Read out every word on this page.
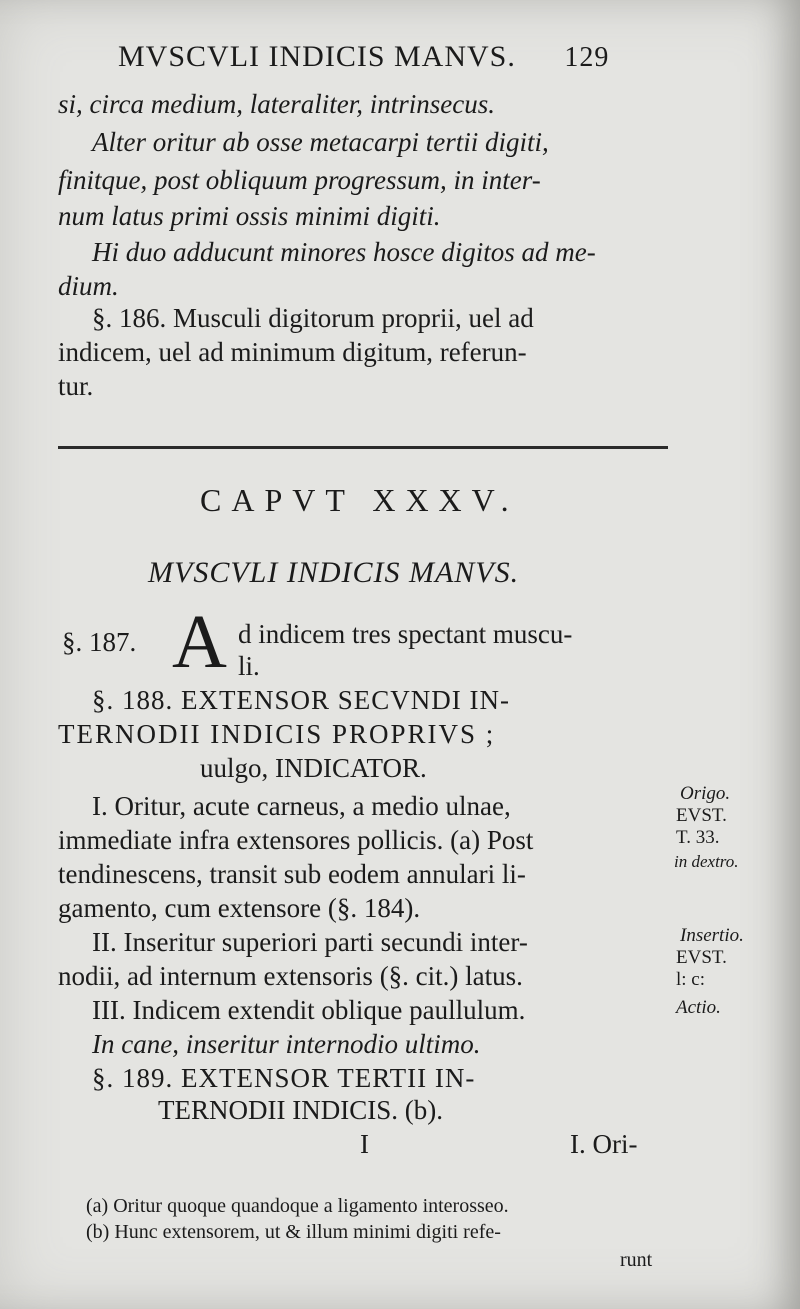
MVSCVLI INDICIS MANVS. 129
si, circa medium, lateraliter, intrinsecus.
Alter oritur ab osse metacarpi tertii digiti,
finitque, post obliquum progressum, in inter-
num latus primi ossis minimi digiti.
Hi duo adducunt minores hosce digitos ad me-
dium.
§. 186. Musculi digitorum proprii, uel ad
indicem, uel ad minimum digitum, referun-
tur.
CAPVT XXXV.
MVSCVLI INDICIS MANVS.
§. 187. A d indicem tres spectant muscu-
li.
§. 188. EXTENSOR SECVNDI IN-
TERNODII INDICIS PROPRIVS ;
uulgo, INDICATOR.
I. Oritur, acute carneus, a medio ulnae,
immediate infra extensores pollicis. (a) Post
tendinescens, transit sub eodem annulari li-
gamento, cum extensore (§. 184).
II. Inseritur superiori parti secundi inter-
nodii, ad internum extensoris (§. cit.) latus.
III. Indicem extendit oblique paullulum.
In cane, inseritur internodio ultimo.
§. 189. EXTENSOR TERTII IN-
TERNODII INDICIS. (b).
I	I. Ori-
Origo.
EVST.
T. 33.
in dextro.
Insertio.
EVST.
l: c:
Actio.
(a) Oritur quoque quandoque a ligamento interosseo.
(b) Hunc extensorem, ut & illum minimi digiti refe-
runt
